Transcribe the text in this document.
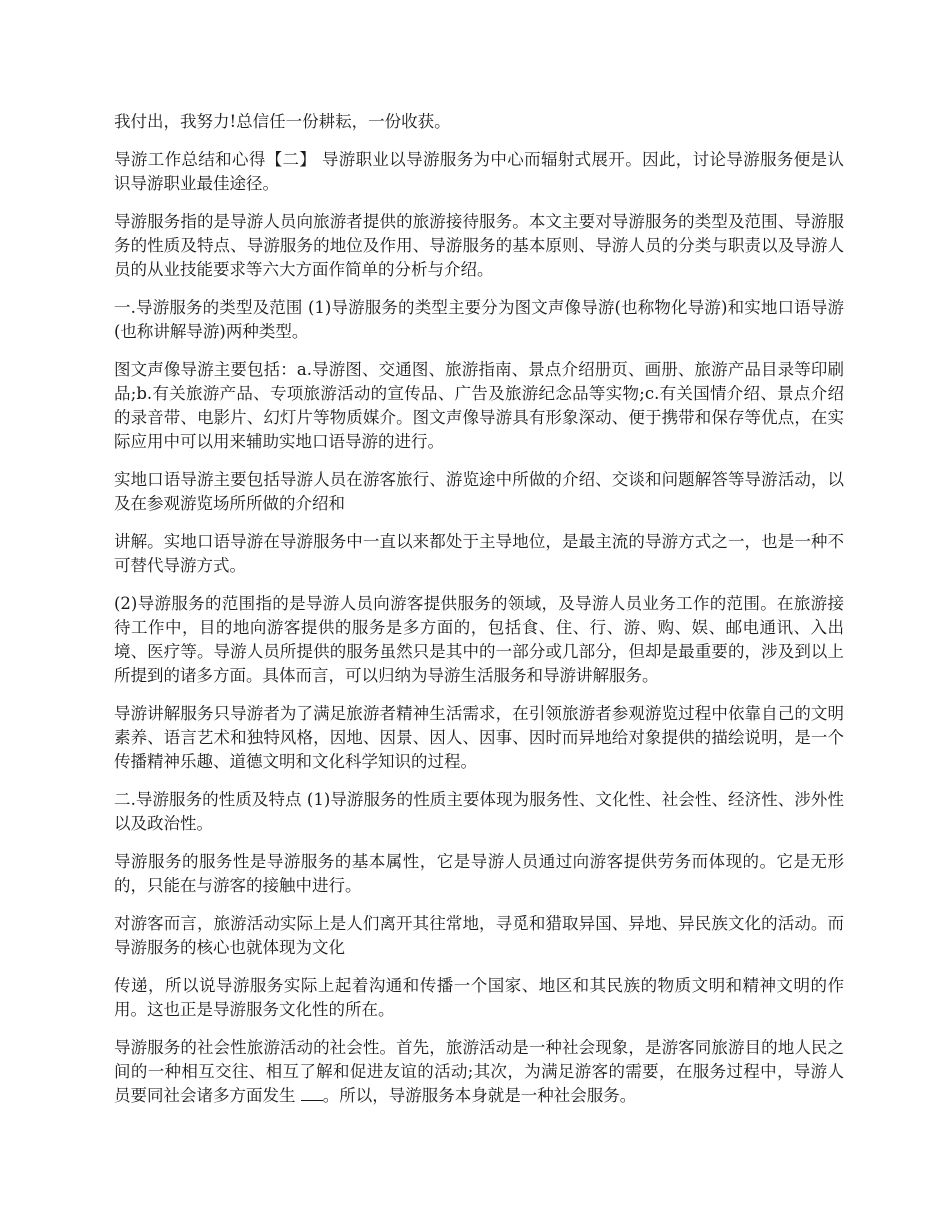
我付出，我努力!总信任一份耕耘，一份收获。

导游工作总结和心得【二】 导游职业以导游服务为中心而辐射式展开。因此，讨论导游服务便是认识导游职业最佳途径。

导游服务指的是导游人员向旅游者提供的旅游接待服务。本文主要对导游服务的类型及范围、导游服务的性质及特点、导游服务的地位及作用、导游服务的基本原则、导游人员的分类与职责以及导游人员的从业技能要求等六大方面作简单的分析与介绍。

一.导游服务的类型及范围 (1)导游服务的类型主要分为图文声像导游(也称物化导游)和实地口语导游(也称讲解导游)两种类型。

图文声像导游主要包括：a.导游图、交通图、旅游指南、景点介绍册页、画册、旅游产品目录等印刷品;b.有关旅游产品、专项旅游活动的宣传品、广告及旅游纪念品等实物;c.有关国情介绍、景点介绍的录音带、电影片、幻灯片等物质媒介。图文声像导游具有形象深动、便于携带和保存等优点，在实际应用中可以用来辅助实地口语导游的进行。

实地口语导游主要包括导游人员在游客旅行、游览途中所做的介绍、交谈和问题解答等导游活动，以及在参观游览场所所做的介绍和

讲解。实地口语导游在导游服务中一直以来都处于主导地位，是最主流的导游方式之一，也是一种不可替代导游方式。

(2)导游服务的范围指的是导游人员向游客提供服务的领域，及导游人员业务工作的范围。在旅游接待工作中，目的地向游客提供的服务是多方面的，包括食、住、行、游、购、娱、邮电通讯、入出境、医疗等。导游人员所提供的服务虽然只是其中的一部分或几部分，但却是最重要的，涉及到以上所提到的诸多方面。具体而言，可以归纳为导游生活服务和导游讲解服务。

导游讲解服务只导游者为了满足旅游者精神生活需求，在引领旅游者参观游览过程中依靠自己的文明素养、语言艺术和独特风格，因地、因景、因人、因事、因时而异地给对象提供的描绘说明，是一个传播精神乐趣、道德文明和文化科学知识的过程。

二.导游服务的性质及特点 (1)导游服务的性质主要体现为服务性、文化性、社会性、经济性、涉外性以及政治性。

导游服务的服务性是导游服务的基本属性，它是导游人员通过向游客提供劳务而体现的。它是无形的，只能在与游客的接触中进行。

对游客而言，旅游活动实际上是人们离开其往常地，寻觅和猎取异国、异地、异民族文化的活动。而导游服务的核心也就体现为文化

传递，所以说导游服务实际上起着沟通和传播一个国家、地区和其民族的物质文明和精神文明的作用。这也正是导游服务文化性的所在。

导游服务的社会性旅游活动的社会性。首先，旅游活动是一种社会现象，是游客同旅游目的地人民之间的一种相互交往、相互了解和促进友谊的活动;其次，为满足游客的需要，在服务过程中，导游人员要同社会诸多方面发生 。所以，导游服务本身就是一种社会服务。
